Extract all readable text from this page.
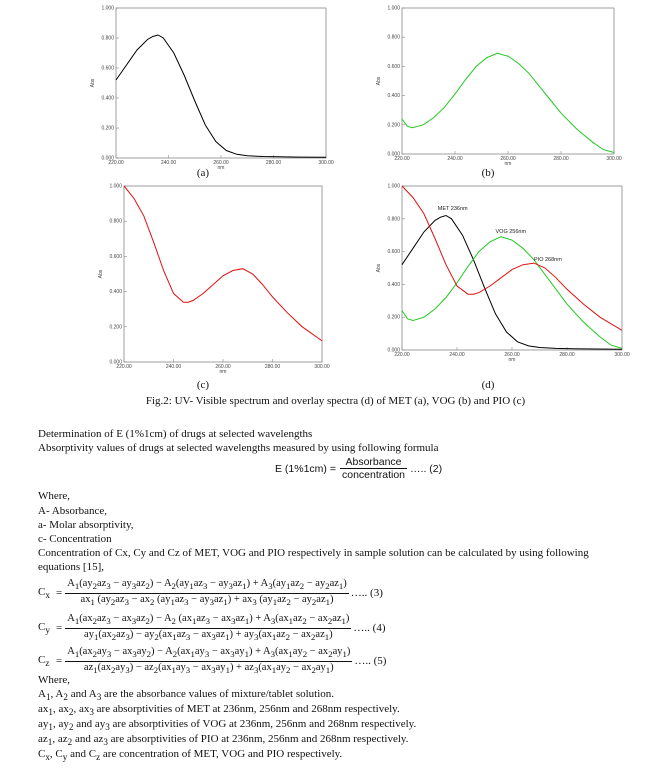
0.000
0.200
0.400
0.600
0.800
1.000
220.00	240.00	260.00	280.00	300.00
nm
Abs
(a)
0.000
0.200
0.400
0.600
0.800
1.000
220.00	240.00	260.00	280.00	300.00
nm
Abs
(b)
0.000
0.200
0.400
0.600
0.800
1.000
220.00	240.00	260.00	280.00	300.00
nm
Abs
(c)
0.000
0.200
0.400
0.600
0.800
1.000
220.00	240.00	260.00	280.00	300.00
nm
Abs
MET 236nm
VOG 256nm
PIO 268nm
(d)
Fig.2: UV- Visible spectrum and overlay spectra (d) of MET (a), VOG (b) and PIO (c)
Determination of E (1%1cm) of drugs at selected wavelengths
Absorptivity values of drugs at selected wavelengths measured by using following formula
E $(1\%1cm) = \frac{\text{Absorbance}}{\text{concentration}}$ ….. (2)
Where,
A- Absorbance,
a- Molar absorptivity,
c- Concentration
Concentration of Cx, Cy and Cz of MET, VOG and PIO respectively in sample solution can be calculated by using following
equations [15],
$C_x$ =
$A_1(ay_2az_3 - ay_3az_2) - A_2(ay_1az_3 - ay_3az_1) + A_3(ay_1az_2 - ay_2az_1)$
$ax_1$ ($ay_2az_3 - ax_2$ $(ay_1az_3 - ay_3az_1) + ax_3$ $(ay_1az_2 - ay_2az_1)$
….. (3)
$C_y$ =
$A_1(ax_2az_3 - ax_3az_2) - A_2$ $(ax_1az_3 - ax_3az_1) + A_3(ax_1az_2 - ax_2az_1)$
$ay_1(ax_2az_3) - ay_2(ax_1az_3 - ax_3az_1) + ay_3(ax_1az_2 - ax_2az_1)$
….. (4)
$C_z$ =
$A_1(ax_2ay_3 - ax_3ay_2) - A_2(ax_1ay_3 - ax_3ay_1) + A_3(ax_1ay_2 - ax_2ay_1)$
$az_1(ax_2ay_3) - az_2(ax_1ay_3 - ax_3ay_1) + az_3(ax_1ay_2 - ax_2ay_1)$
….. (5)
Where,
$A_1$, $A_2$ and $A_3$ are the absorbance values of mixture/tablet solution.
$ax_1$, $ax_2$, $ax_3$ are absorptivities of MET at 236nm, 256nm and 268nm respectively.
$ay_1$, $ay_2$ and $ay_3$ are absorptivities of VOG at 236nm, 256nm and 268nm respectively.
$az_1$, $az_2$ and $az_3$ are absorptivities of PIO at 236nm, 256nm and 268nm respectively.
$C_x$, $C_y$ and $C_z$ are concentration of MET, VOG and PIO respectively.
